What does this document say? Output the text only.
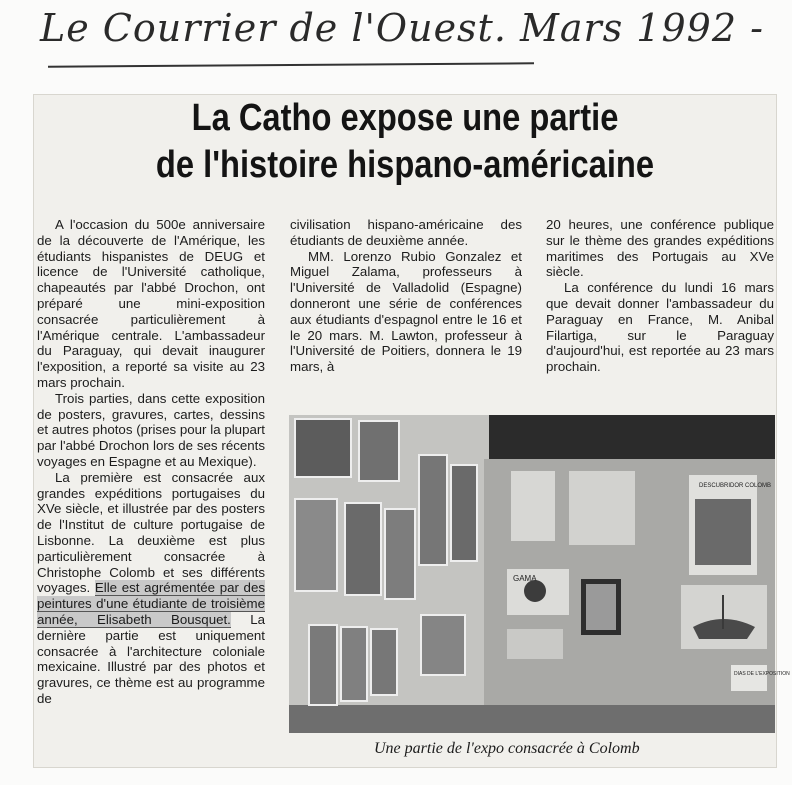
Le Courrier de l'Ouest. Mars 1992 -
La Catho expose une partie
de l'histoire hispano-américaine

A l'occasion du 500e anniversaire de la découverte de l'Amérique, les étudiants hispanistes de DEUG et licence de l'Université catholique, chapeautés par l'abbé Drochon, ont préparé une mini-exposition consacrée particulièrement à l'Amérique centrale. L'ambassadeur du Paraguay, qui devait inaugurer l'exposition, a reporté sa visite au 23 mars prochain.

Trois parties, dans cette exposition de posters, gravures, cartes, dessins et autres photos (prises pour la plupart par l'abbé Drochon lors de ses récents voyages en Espagne et au Mexique).

La première est consacrée aux grandes expéditions portugaises du XVe siècle, et illustrée par des posters de l'Institut de culture portugaise de Lisbonne. La deuxième est plus particulièrement consacrée à Christophe Colomb et ses différents voyages. Elle est agrémentée par des peintures d'une étudiante de troisième année, Elisabeth Bousquet. La dernière partie est uniquement consacrée à l'architecture coloniale mexicaine. Illustré par des photos et gravures, ce thème est au programme de

civilisation hispano-américaine des étudiants de deuxième année.

MM. Lorenzo Rubio Gonzalez et Miguel Zalama, professeurs à l'Université de Valladolid (Espagne) donneront une série de conférences aux étudiants d'espagnol entre le 16 et le 20 mars. M. Lawton, professeur à l'Université de Poitiers, donnera le 19 mars, à

20 heures, une conférence publique sur le thème des grandes expéditions maritimes des Portugais au XVe siècle.

La conférence du lundi 16 mars que devait donner l'ambassadeur du Paraguay en France, M. Anibal Filartiga, sur le Paraguay d'aujourd'hui, est reportée au 23 mars prochain.

DESCUBRIDOR COLOMB
GAMA
DIAS DE L'EXPOSITION
Une partie de l'expo consacrée à Colomb
